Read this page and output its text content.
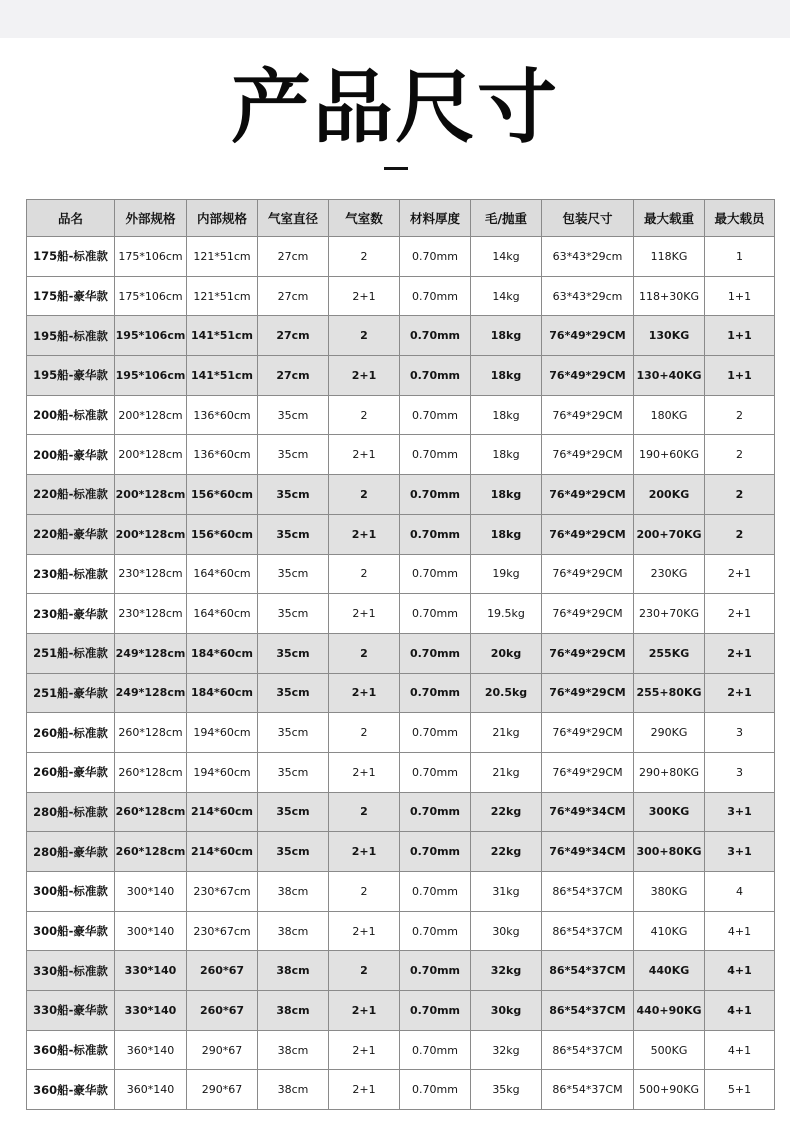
产品尺寸
品名	外部规格	内部规格	气室直径	气室数	材料厚度	毛/抛重	包装尺寸	最大载重	最大载员
175船-标准款	175*106cm	121*51cm	27cm	2	0.70mm	14kg	63*43*29cm	118KG	1
175船-豪华款	175*106cm	121*51cm	27cm	2+1	0.70mm	14kg	63*43*29cm	118+30KG	1+1
195船-标准款	195*106cm	141*51cm	27cm	2	0.70mm	18kg	76*49*29CM	130KG	1+1
195船-豪华款	195*106cm	141*51cm	27cm	2+1	0.70mm	18kg	76*49*29CM	130+40KG	1+1
200船-标准款	200*128cm	136*60cm	35cm	2	0.70mm	18kg	76*49*29CM	180KG	2
200船-豪华款	200*128cm	136*60cm	35cm	2+1	0.70mm	18kg	76*49*29CM	190+60KG	2
220船-标准款	200*128cm	156*60cm	35cm	2	0.70mm	18kg	76*49*29CM	200KG	2
220船-豪华款	200*128cm	156*60cm	35cm	2+1	0.70mm	18kg	76*49*29CM	200+70KG	2
230船-标准款	230*128cm	164*60cm	35cm	2	0.70mm	19kg	76*49*29CM	230KG	2+1
230船-豪华款	230*128cm	164*60cm	35cm	2+1	0.70mm	19.5kg	76*49*29CM	230+70KG	2+1
251船-标准款	249*128cm	184*60cm	35cm	2	0.70mm	20kg	76*49*29CM	255KG	2+1
251船-豪华款	249*128cm	184*60cm	35cm	2+1	0.70mm	20.5kg	76*49*29CM	255+80KG	2+1
260船-标准款	260*128cm	194*60cm	35cm	2	0.70mm	21kg	76*49*29CM	290KG	3
260船-豪华款	260*128cm	194*60cm	35cm	2+1	0.70mm	21kg	76*49*29CM	290+80KG	3
280船-标准款	260*128cm	214*60cm	35cm	2	0.70mm	22kg	76*49*34CM	300KG	3+1
280船-豪华款	260*128cm	214*60cm	35cm	2+1	0.70mm	22kg	76*49*34CM	300+80KG	3+1
300船-标准款	300*140	230*67cm	38cm	2	0.70mm	31kg	86*54*37CM	380KG	4
300船-豪华款	300*140	230*67cm	38cm	2+1	0.70mm	30kg	86*54*37CM	410KG	4+1
330船-标准款	330*140	260*67	38cm	2	0.70mm	32kg	86*54*37CM	440KG	4+1
330船-豪华款	330*140	260*67	38cm	2+1	0.70mm	30kg	86*54*37CM	440+90KG	4+1
360船-标准款	360*140	290*67	38cm	2+1	0.70mm	32kg	86*54*37CM	500KG	4+1
360船-豪华款	360*140	290*67	38cm	2+1	0.70mm	35kg	86*54*37CM	500+90KG	5+1
